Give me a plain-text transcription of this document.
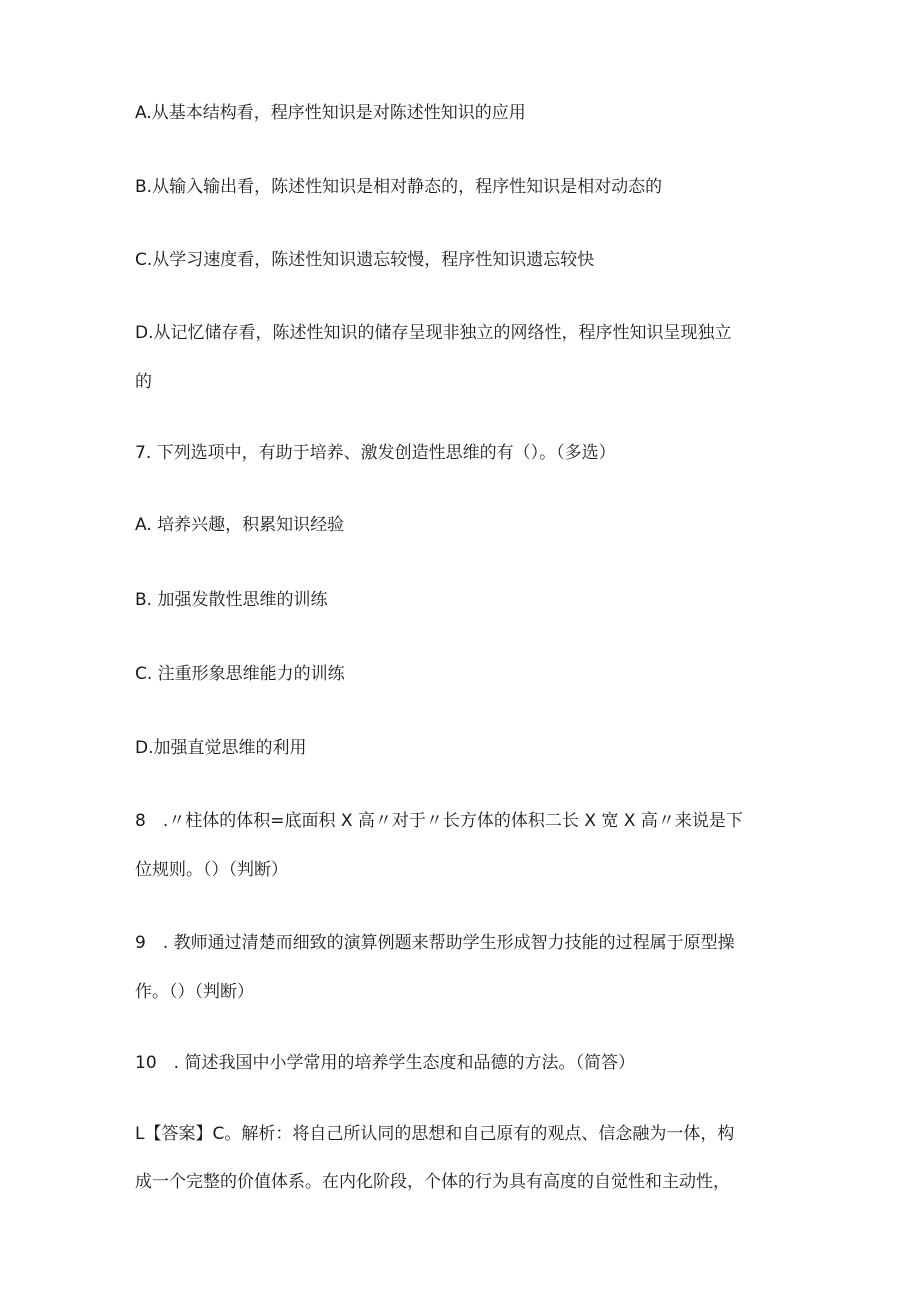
A.从基本结构看，程序性知识是对陈述性知识的应用
B.从输入输出看，陈述性知识是相对静态的，程序性知识是相对动态的
C.从学习速度看，陈述性知识遗忘较慢，程序性知识遗忘较快
D.从记忆储存看，陈述性知识的储存呈现非独立的网络性，程序性知识呈现独立
的
7. 下列选项中，有助于培养、激发创造性思维的有（）。（多选）
A. 培养兴趣，积累知识经验
B. 加强发散性思维的训练
C. 注重形象思维能力的训练
D.加强直觉思维的利用
8　.〃柱体的体积=底面积 X 高〃对于〃长方体的体积二长 X 宽 X 高〃来说是下
位规则。（）（判断）
9　. 教师通过清楚而细致的演算例题来帮助学生形成智力技能的过程属于原型操
作。（）（判断）
10　. 简述我国中小学常用的培养学生态度和品德的方法。（简答）
L【答案】C。解析：将自己所认同的思想和自己原有的观点、信念融为一体，构
成一个完整的价值体系。在内化阶段，个体的行为具有高度的自觉性和主动性，
